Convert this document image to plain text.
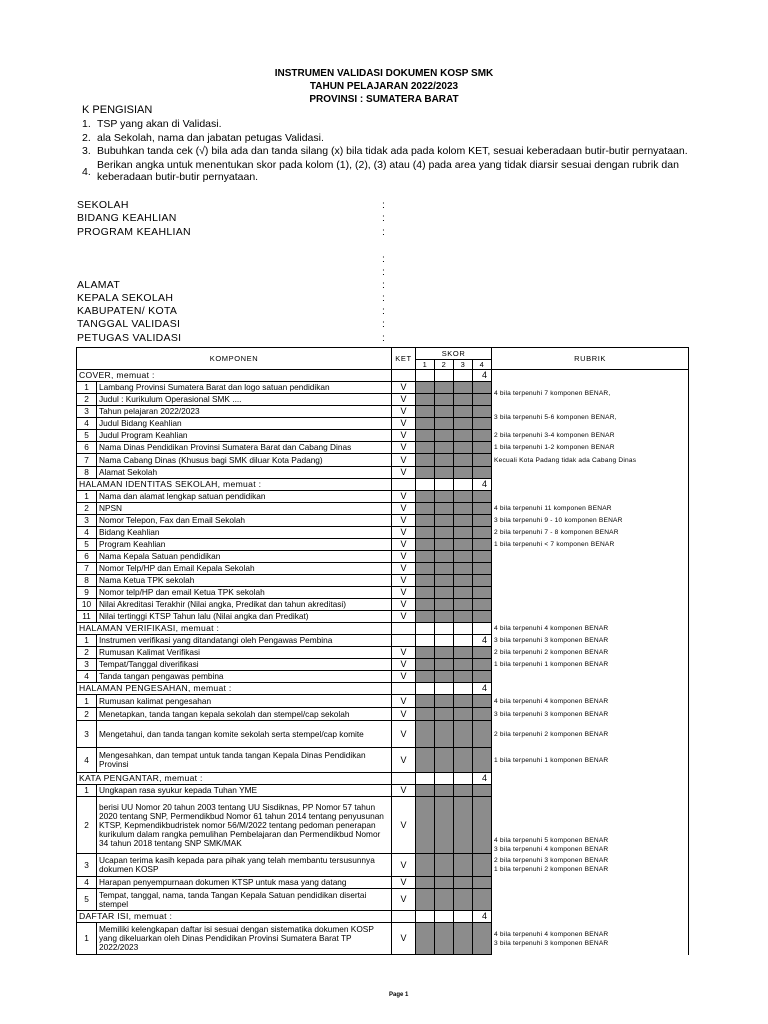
INSTRUMEN VALIDASI DOKUMEN KOSP SMK
TAHUN PELAJARAN 2022/2023
PROVINSI : SUMATERA BARAT
K PENGISIAN
1. TSP yang akan di Validasi.
2. ala Sekolah, nama dan jabatan petugas Validasi.
3. Bubuhkan tanda cek (√) bila ada dan tanda silang (x) bila tidak ada pada kolom KET, sesuai keberadaan butir-butir pernyataan.
4.
Berikan angka untuk menentukan skor pada kolom (1), (2), (3) atau (4) pada area yang tidak diarsir sesuai dengan rubrik dan
keberadaan butir-butir pernyataan.
SEKOLAH	:
BIDANG KEAHLIAN	:
PROGRAM KEAHLIAN	:
:
:
ALAMAT	:
KEPALA SEKOLAH	:
KABUPATEN/ KOTA	:
TANGGAL VALIDASI	:
PETUGAS VALIDASI	:
KOMPONEN		KET	SKOR				RUBRIK
			1	2	3	4	
COVER, memuat :						4	
1	Lambang Provinsi Sumatera Barat dan logo satuan pendidikan	V					4 bila terpenuhi 7 komponen BENAR,
2	Judul : Kurikulum Operasional SMK ....	V					
3	Tahun pelajaran 2022/2023	V					3 bila terpenuhi 5-6 komponen BENAR,
4	Judul Bidang Keahlian	V					
5	Judul Program Keahlian	V					2 bila terpenuhi 3-4 komponen BENAR
6	Nama Dinas Pendidikan Provinsi Sumatera Barat dan Cabang Dinas	V					1 bila terpenuhi 1-2 komponen BENAR
7	Nama Cabang Dinas (Khusus bagi SMK diluar Kota Padang)	V					Kecuali Kota Padang tidak ada Cabang Dinas
8	Alamat Sekolah	V					
HALAMAN IDENTITAS SEKOLAH, memuat :						4	
1	Nama dan alamat lengkap satuan pendidikan	V					
2	NPSN	V					4 bila terpenuhi 11 komponen BENAR
3	Nomor Telepon, Fax dan Email Sekolah	V					3 bila terpenuhi 9 - 10 komponen BENAR
4	Bidang Keahlian	V					2 bila terpenuhi 7 - 8 komponen BENAR
5	Program Keahlian	V					1 bila terpenuhi < 7 komponen BENAR
6	Nama Kepala Satuan pendidikan	V					
7	Nomor Telp/HP dan Email Kepala Sekolah	V					
8	Nama Ketua TPK sekolah	V					
9	Nomor telp/HP dan email Ketua TPK sekolah	V					
10	Nilai Akreditasi Terakhir (Nilai angka, Predikat dan tahun akreditasi)	V					
11	Nilai tertinggi KTSP Tahun lalu (Nilai angka dan Predikat)	V					
HALAMAN VERIFIKASI, memuat :							4 bila terpenuhi 4 komponen BENAR
1	Instrumen verifikasi yang ditandatangi oleh Pengawas Pembina					4	3 bila terpenuhi 3 komponen BENAR
2	Rumusan Kalimat Verifikasi	V					2 bila terpenuhi 2 komponen BENAR
3	Tempat/Tanggal diverifikasi	V					1 bila terpenuhi 1 komponen BENAR
4	Tanda tangan pengawas pembina	V					
HALAMAN PENGESAHAN, memuat :						4	
1	Rumusan kalimat pengesahan	V					4 bila terpenuhi 4 komponen BENAR
2	Menetapkan, tanda tangan kepala sekolah dan stempel/cap sekolah	V					3 bila terpenuhi 3 komponen BENAR
3	Mengetahui, dan tanda tangan komite sekolah serta stempel/cap komite	V					2 bila terpenuhi 2 komponen BENAR
4	Mengesahkan, dan tempat untuk tanda tangan Kepala Dinas Pendidikan Provinsi	V					1 bila terpenuhi 1 komponen BENAR
KATA PENGANTAR, memuat :						4	
1	Ungkapan rasa syukur kepada Tuhan YME	V					
2	berisi UU Nomor 20 tahun 2003 tentang UU Sisdiknas, PP Nomor 57 tahun 2020 tentang SNP, Permendikbud Nomor 61 tahun 2014 tentang penyusunan KTSP, Kepmendikbudristek nomor 56/M/2022 tentang pedoman penerapan kurikulum dalam rangka pemulihan Pembelajaran dan Permendikbud Nomor 34 tahun 2018 tentang SNP SMK/MAK	V					4 bila terpenuhi 5 komponen BENAR
3 bila terpenuhi 4 komponen BENAR

3	Ucapan terima kasih kepada para pihak yang telah membantu tersusunnya dokumen KOSP	V					2 bila terpenuhi 3 komponen BENAR
1 bila terpenuhi 2 komponen BENAR

4	Harapan penyempurnaan dokumen KTSP untuk masa yang datang	V					
5	Tempat, tanggal, nama, tanda Tangan Kepala Satuan pendidikan disertai stempel	V					
DAFTAR ISI, memuat :						4	
1	Memiliki kelengkapan daftar isi sesuai dengan sistematika dokumen KOSP yang dikeluarkan oleh Dinas Pendidikan Provinsi Sumatera Barat TP 2022/2023	V					4 bila terpenuhi 4 komponen BENAR
3 bila terpenuhi 3 komponen BENAR
Page 1
